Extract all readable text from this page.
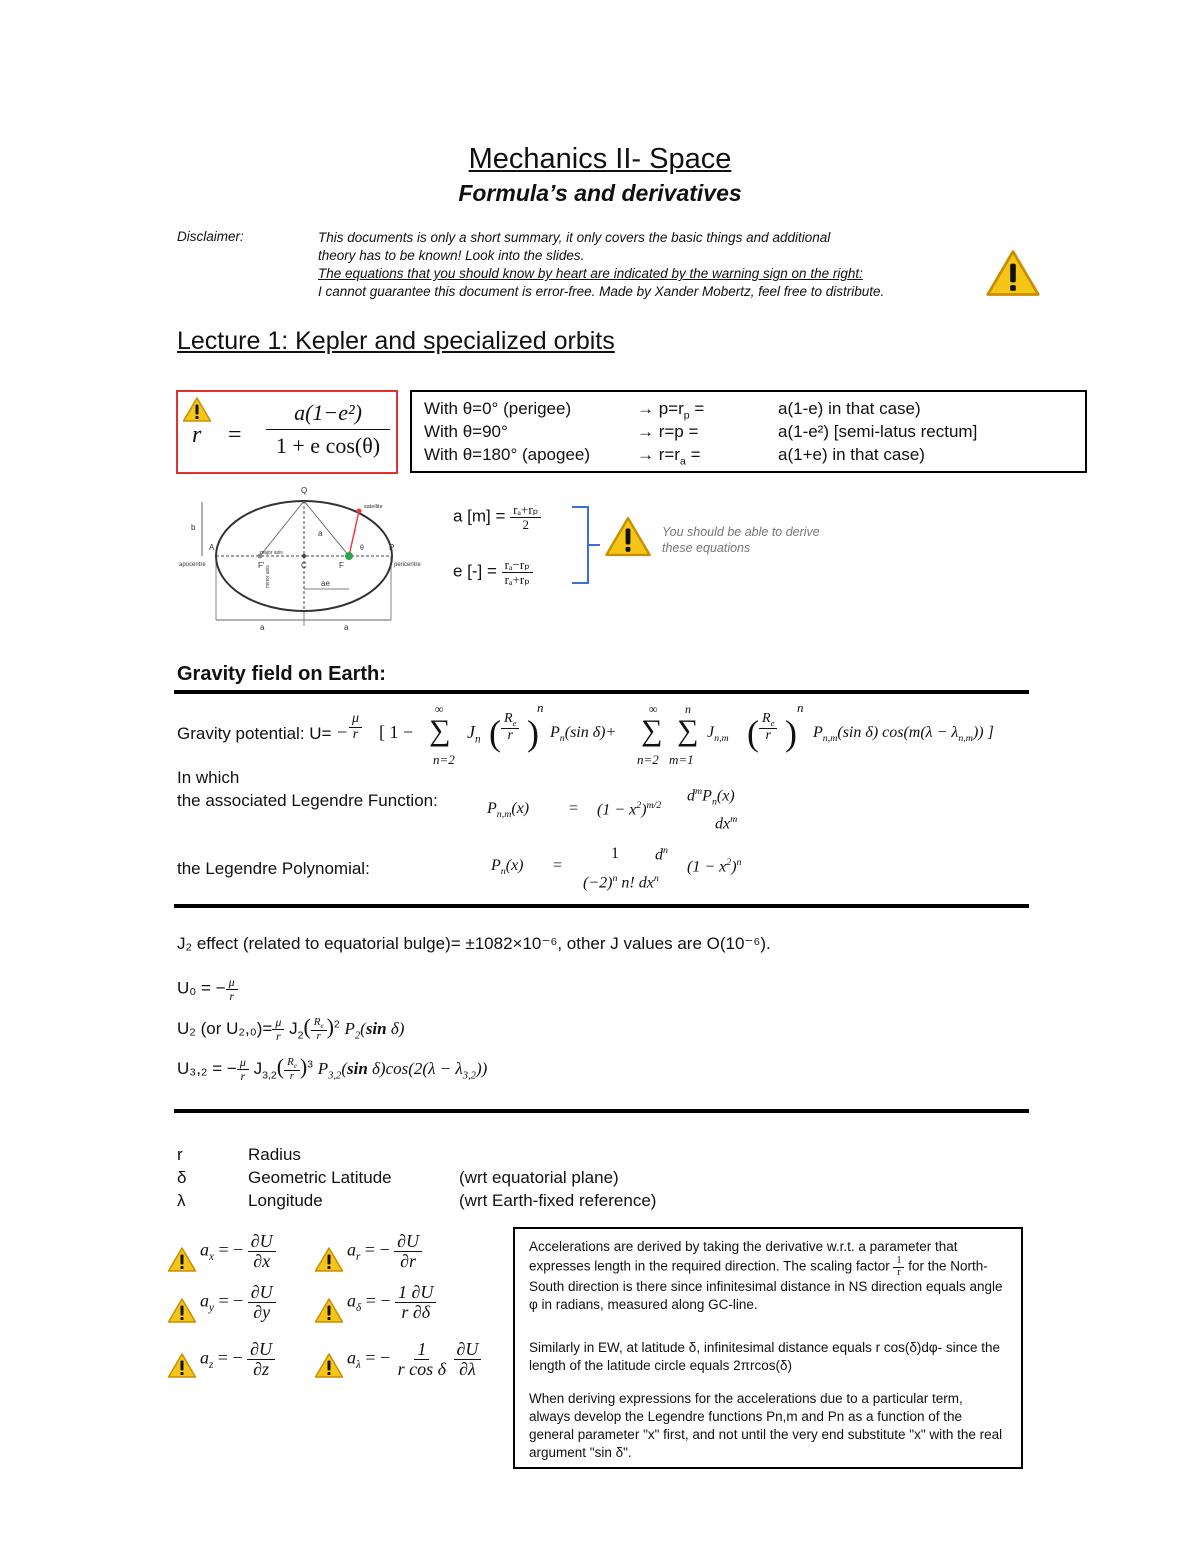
Mechanics II- Space
Formula’s and derivatives
Disclaimer:	This documents is only a short summary, it only covers the basic things and additional
theory has to be known! Look into the slides.
The equations that you should know by heart are indicated by the warning sign on the right:
I cannot guarantee this document is error-free. Made by Xander Mobertz, feel free to distribute.
Lecture 1: Kepler and specialized orbits
$r = \frac{\text{a(1−e²)}}{\text{1 + e cos(θ)}}$ With θ=0° (perigee)	→ $p=r_p$ =	a(1-e) in that case)
With θ=90°	→ r=p =	a(1-e²) [semi-latus rectum]
With θ=180° (apogee)	→ $r=r_a$ =	a(1+e) in that case)
Q
b
A	P
apocentre	pericentre
F'	C	F
a
ae
satellite
θ
major axis
r
a	a
minor axis
a $[m] = \frac{\text{rₐ+rₚ}}{2}$
e [-] = $\frac{\text{rₐ−rₚ}}{\text{rₐ+rₚ}}$
You should be able to derive
these equations
Gravity field on Earth:
Gravity potential: $U= - \frac{\mu}{r}$ [ 1 −
∞
∑
n=2
$J_n$ ( $\frac{R_e}{r}$ )
n
$P_n(\sin$ δ)+
∞
∑
n=2
n
∑
m=1
$J_{n,m}$ ( $\frac{R_e}{r}$ )
n
$P_{n,m}(\sin$ δ) $\cos(m(\lambda - \lambda_{n,m}))$ ]
In which
the associated Legendre Function:	$P_{n,m}(x) = (1 - x^2)^{m/2}$
$d^mP_n(x)$
$dx^m$
the Legendre Polynomial:	$P_n(x)$ =
1
$(-2)^n$ n! $dx^n$
$d^n$
$(1 - x^2)^n$
J₂ effect (related to equatorial bulge)= ±1082×10⁻⁶, other J values are O(10⁻⁶).
U₀ = − $\frac{\mu}{r}$
U₂ (or $U_2,_0)= \frac{\mu}{r} J_2( \frac{R_e}{r} )^2$ $P_2(\sin$ δ)
U₃,₂ = − $\frac{\mu}{r} J_{3,2}( \frac{R_e}{r} )^3$ $P_{3,2}(\sin$ $\delta)\cos(2(\lambda - \lambda_{3,2}))$
r	Radius
δ	Geometric Latitude	(wrt equatorial plane)
λ	Longitude	(wrt Earth-fixed reference)
$a_x$ = − $\frac{\partial U}{\partial x}$	$a_r$ = − $\frac{\partial U}{\partial r}$
$a_y$ = − $\frac{\partial U}{\partial y}$	$a_\delta$ = − $\frac{1 \partial U}{r \partial\delta}$
$a_z$ = − $\frac{\partial U}{\partial z}$	$a_\lambda$ = − $\frac{1}{\text{r cos δ}}$
$\frac{\partial U}{\partial\lambda}$
Accelerations are derived by taking the derivative w.r.t. a parameter that expresses length in the required direction. The scaling factor $\frac{1}{r}$ for the North-South direction is there since infinitesimal distance in NS direction equals angle φ in radians, measured along GC-line.
Similarly in EW, at latitude δ, infinitesimal distance equals r cos(δ)dφ- since the length of the latitude circle equals 2πrcos(δ)
When deriving expressions for the accelerations due to a particular term, always develop the Legendre functions Pn,m and Pn as a function of the general parameter "x" first, and not until the very end substitute "x" with the real argument "sin δ".
